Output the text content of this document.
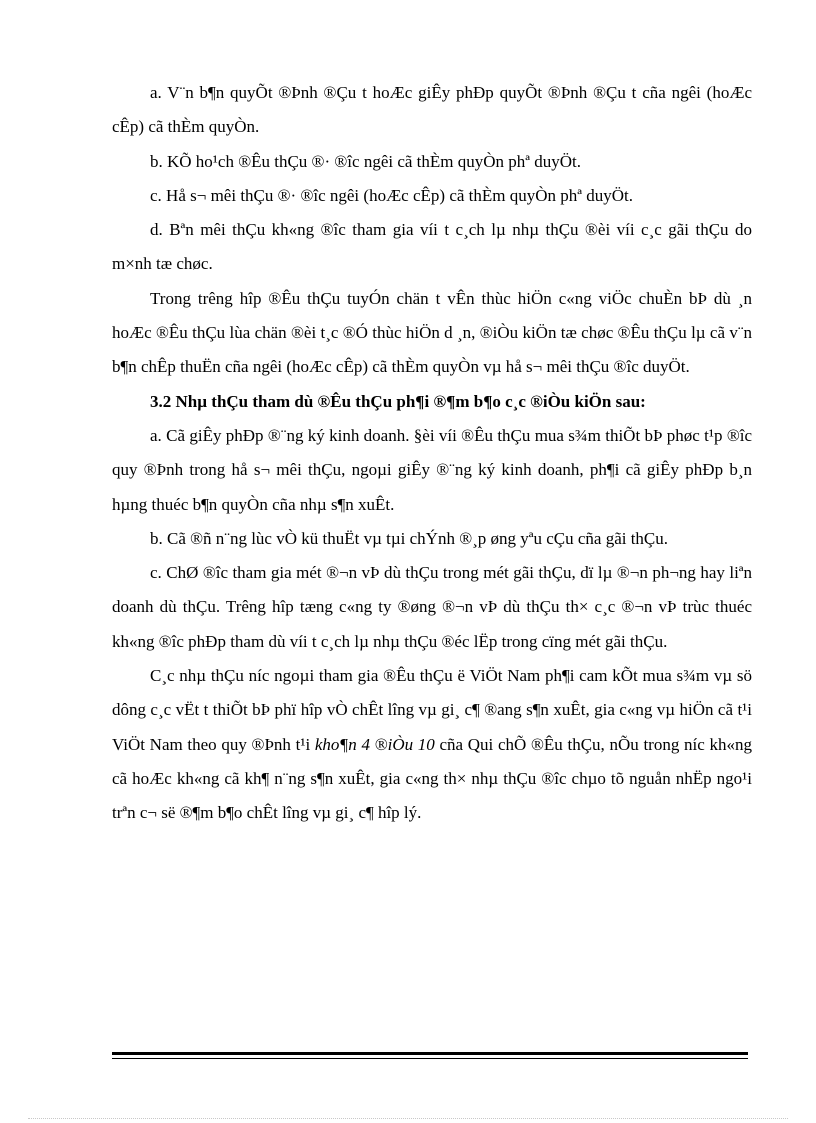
a. V¨n b¶n quyÕt ®Þnh ®Çu t hoÆc giÊy phÐp quyÕt ®Þnh ®Çu t cña ngêi (hoÆc cÊp) cã thÈm quyÒn.

b. KÕ ho¹ch ®Êu thÇu ®· ®îc ngêi cã thÈm quyÒn phª duyÖt.

c. Hå s¬ mêi thÇu ®· ®îc ngêi (hoÆc cÊp) cã thÈm quyÒn phª duyÖt.

d. Bªn mêi thÇu kh«ng ®îc tham gia víi t c¸ch lµ nhµ thÇu ®èi víi c¸c gãi thÇu do m×nh tæ chøc.

Trong trêng hîp ®Êu thÇu tuyÓn chän t vÊn thùc hiÖn c«ng viÖc chuÈn bÞ dù ¸n hoÆc ®Êu thÇu lùa chän ®èi t¸c ®Ó thùc hiÖn d ¸n, ®iÒu kiÖn tæ chøc ®Êu thÇu lµ cã v¨n b¶n chÊp thuËn cña ngêi (hoÆc cÊp) cã thÈm quyÒn vµ hå s¬ mêi thÇu ®îc duyÖt.

3.2 Nhµ thÇu tham dù ®Êu thÇu ph¶i ®¶m b¶o c¸c ®iÒu kiÖn sau:

a. Cã giÊy phÐp ®¨ng ký kinh doanh. §èi víi ®Êu thÇu mua s¾m thiÕt bÞ phøc t¹p ®îc quy ®Þnh trong hå s¬ mêi thÇu, ngoµi giÊy ®¨ng ký kinh doanh, ph¶i cã giÊy phÐp b¸n hµng thuéc b¶n quyÒn cña nhµ s¶n xuÊt.

b. Cã ®ñ n¨ng lùc vÒ kü thuËt vµ tµi chÝnh ®¸p øng yªu cÇu cña gãi thÇu.

c. ChØ ®îc tham gia mét ®¬n vÞ dù thÇu trong mét gãi thÇu, dï lµ ®¬n ph¬ng hay liªn doanh dù thÇu. Trêng hîp tæng c«ng ty ®øng ®¬n vÞ dù thÇu th× c¸c ®¬n vÞ trùc thuéc kh«ng ®îc phÐp tham dù víi t c¸ch lµ nhµ thÇu ®éc lËp trong cïng mét gãi thÇu.

C¸c nhµ thÇu níc ngoµi tham gia ®Êu thÇu ë ViÖt Nam ph¶i cam kÕt mua s¾m vµ sö dông c¸c vËt t thiÕt bÞ phï hîp vÒ chÊt lîng vµ gi¸ c¶ ®ang s¶n xuÊt, gia c«ng vµ hiÖn cã t¹i ViÖt Nam theo quy ®Þnh t¹i kho¶n 4 ®iÒu 10 cña Qui chÕ ®Êu thÇu, nÕu trong níc kh«ng cã hoÆc kh«ng cã kh¶ n¨ng s¶n xuÊt, gia c«ng th× nhµ thÇu ®îc chµo tõ nguån nhËp ngo¹i trªn c¬ së ®¶m b¶o chÊt lîng vµ gi¸ c¶ hîp lý.
